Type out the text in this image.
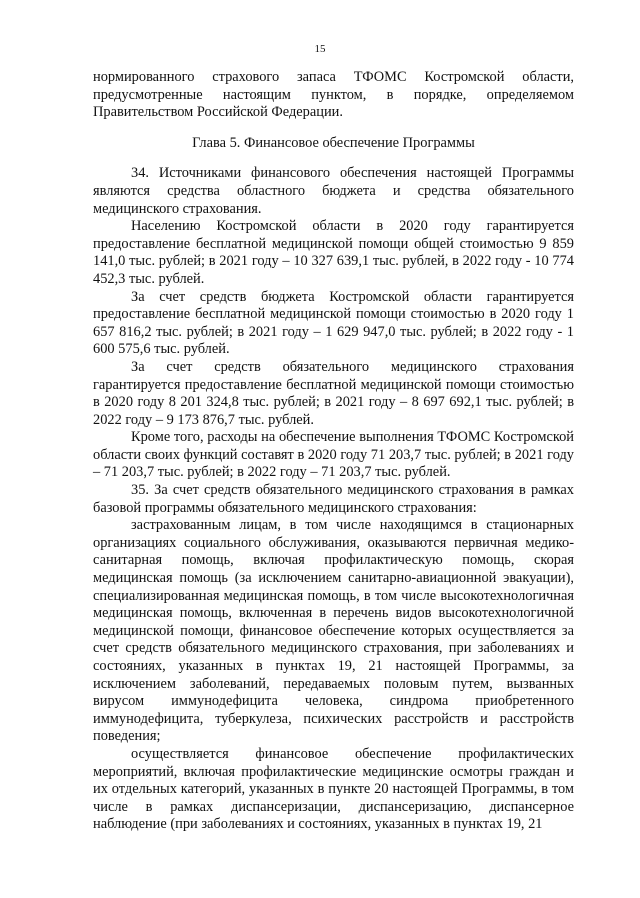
15

нормированного страхового запаса ТФОМС Костромской области, предусмотренные настоящим пунктом, в порядке, определяемом Правительством Российской Федерации.

Глава 5. Финансовое обеспечение Программы

34. Источниками финансового обеспечения настоящей Программы являются средства областного бюджета и средства обязательного медицинского страхования.

Населению Костромской области в 2020 году гарантируется предоставление бесплатной медицинской помощи общей стоимостью 9 859 141,0 тыс. рублей; в 2021 году – 10 327 639,1 тыс. рублей, в 2022 году - 10 774 452,3 тыс. рублей.

За счет средств бюджета Костромской области гарантируется предоставление бесплатной медицинской помощи стоимостью в 2020 году 1 657 816,2 тыс. рублей; в 2021 году – 1 629 947,0 тыс. рублей; в 2022 году - 1 600 575,6 тыс. рублей.

За счет средств обязательного медицинского страхования гарантируется предоставление бесплатной медицинской помощи стоимостью в 2020 году 8 201 324,8 тыс. рублей; в 2021 году – 8 697 692,1 тыс. рублей; в 2022 году – 9 173 876,7 тыс. рублей.

Кроме того, расходы на обеспечение выполнения ТФОМС Костромской области своих функций составят в 2020 году 71 203,7 тыс. рублей; в 2021 году – 71 203,7 тыс. рублей; в 2022 году – 71 203,7 тыс. рублей.

35. За счет средств обязательного медицинского страхования в рамках базовой программы обязательного медицинского страхования:

застрахованным лицам, в том числе находящимся в стационарных организациях социального обслуживания, оказываются первичная медико-санитарная помощь, включая профилактическую помощь, скорая медицинская помощь (за исключением санитарно-авиационной эвакуации), специализированная медицинская помощь, в том числе высокотехнологичная медицинская помощь, включенная в перечень видов высокотехнологичной медицинской помощи, финансовое обеспечение которых осуществляется за счет средств обязательного медицинского страхования, при заболеваниях и состояниях, указанных в пунктах 19, 21 настоящей Программы, за исключением заболеваний, передаваемых половым путем, вызванных вирусом иммунодефицита человека, синдрома приобретенного иммунодефицита, туберкулеза, психических расстройств и расстройств поведения;

осуществляется финансовое обеспечение профилактических мероприятий, включая профилактические медицинские осмотры граждан и их отдельных категорий, указанных в пункте 20 настоящей Программы, в том числе в рамках диспансеризации, диспансеризацию, диспансерное наблюдение (при заболеваниях и состояниях, указанных в пунктах 19, 21
